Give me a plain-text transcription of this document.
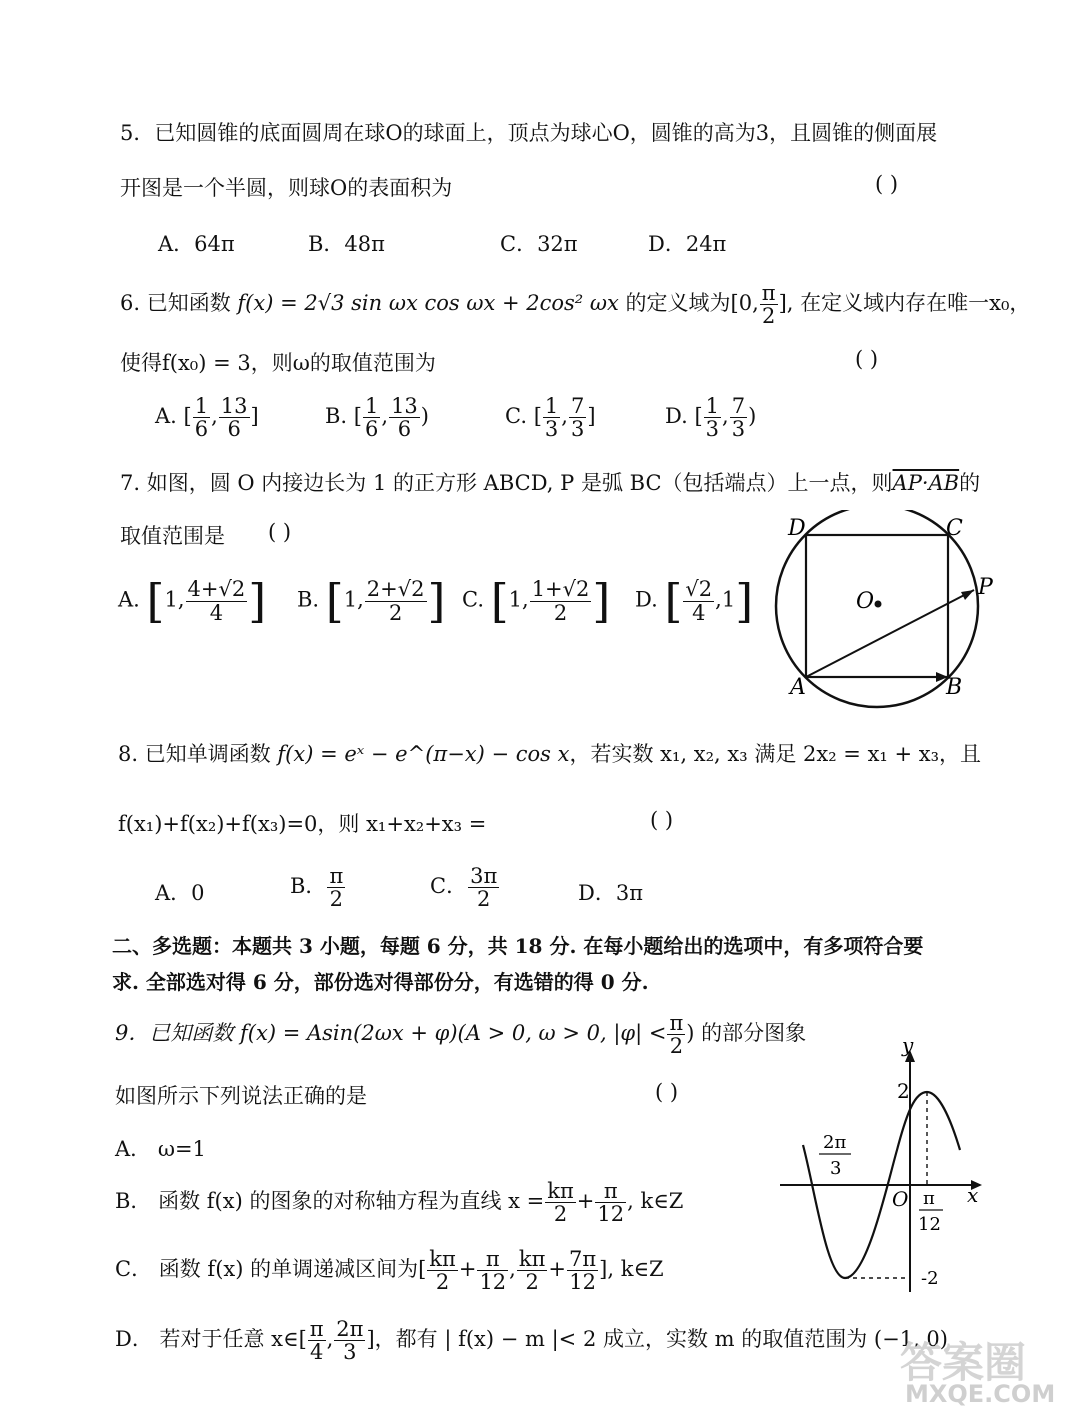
5．已知圆锥的底面圆周在球O的球面上，顶点为球心O，圆锥的高为3，且圆锥的侧面展
开图是一个半圆，则球O的表面积为	( )
A．64π	B．48π	C．32π	D．24π
6. 已知函数 f(x) = 2√3 sin ωx cos ωx + 2cos² ωx 的定义域为[0, $\frac{\pi}{2}$ ], 在定义域内存在唯一x₀，
使得f(x₀) = 3，则ω的取值范围为	( )
A. [ $\frac{1}{6}$ , $\frac{13}{6}$ ]	B. [ $\frac{1}{6}$ , $\frac{13}{6}$ )	C. [ $\frac{1}{3}$ , $\frac{7}{3}$ ]	D. [ $\frac{1}{3}$ , $\frac{7}{3}$ )
7. 如图，圆 O 内接边长为 1 的正方形 ABCD, P 是弧 BC（包括端点）上一点，则AP·AB的
取值范围是 ( )
A. [1, $\frac{4+√2}{4}$ ] B. [1, $\frac{2+√2}{2}$ ] C. [1, $\frac{1+√2}{2}$ ] D. [ $\frac{√2}{4} ,1$]
D	C
O
P
A	B
8. 已知单调函数 f(x) = eˣ − e^(π−x) − cos x，若实数 x₁, x₂, x₃ 满足 2x₂ = x₁ + x₃，且
f(x₁)+f(x₂)+f(x₃)=0，则 x₁+x₂+x₃ =	( )
A．0	B． $\frac{\pi}{2}$	C． $\frac{3\pi}{2}$	D．3π
二、多选题：本题共 3 小题，每题 6 分，共 18 分. 在每小题给出的选项中，有多项符合要
求. 全部选对得 6 分，部份选对得部份分，有选错的得 0 分.
9．已知函数 f(x) = Asin(2ωx + φ)(A > 0, ω > 0, $|\varphi| < \frac{\pi}{2}$ ) 的部分图象
如图所示下列说法正确的是	( )
A． ω=1
B． 函数 f(x) 的图象的对称轴方程为直线 $x = \frac{k\pi}{2} + \frac{\pi}{12}$ , k∈Z
C． 函数 f(x) 的单调递减区间为[ $\frac{k\pi}{2} + \frac{\pi}{12}$ , $\frac{k\pi}{2} + \frac{7\pi}{12}$ ], k∈Z
D． 若对于任意 x∈[ $\frac{\pi}{4}$ , $\frac{2\pi}{3}$ ]，都有 | f(x) − m |< 2 成立，实数 m 的取值范围为 (−1, 0)
y
x
O
2
-2
2π
3
π
12
答案圈
MXQE.COM
